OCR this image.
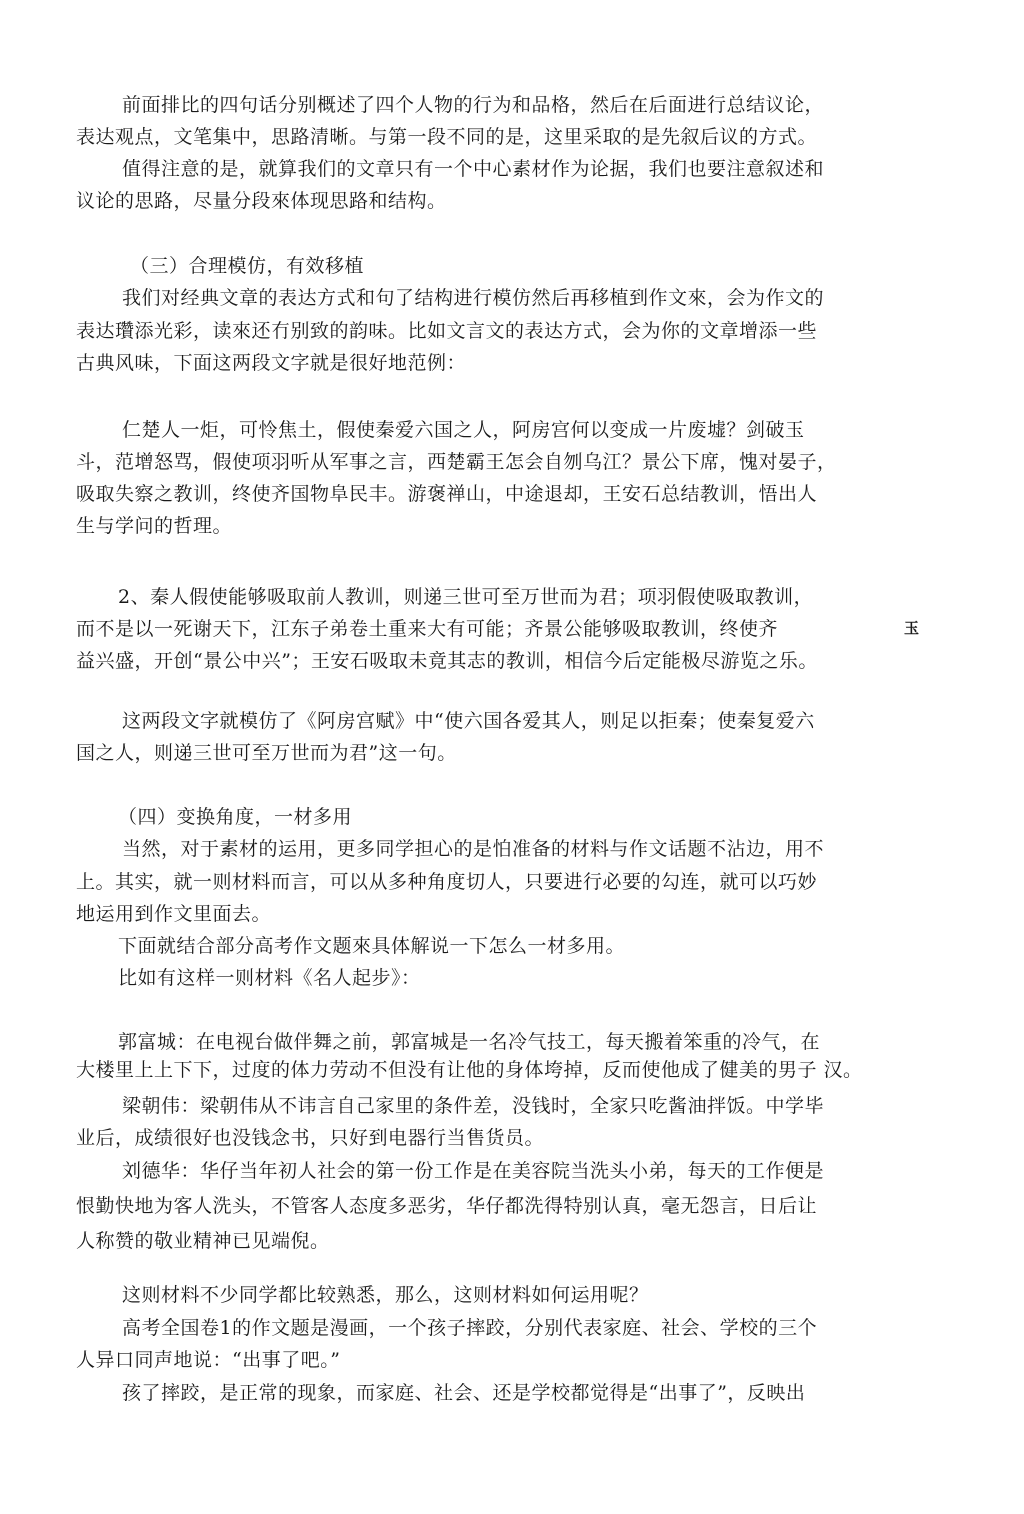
前面排比的四句话分别概述了四个人物的行为和品格，然后在后面进行总结议论，
表达观点，文笔集中，思路清晰。与第一段不同的是，这里采取的是先叙后议的方式。
值得注意的是，就算我们的文章只有一个中心素材作为论据，我们也要注意叙述和
议论的思路，尽量分段來体现思路和结构。
（三）合理模仿，有效移植
我们对经典文章的表达方式和句了结构进行模仿然后再移植到作文來，会为作文的
表达瓚添光彩，读來还冇别致的韵味。比如文言文的表达方式，会为你的文章增添一些
古典风味，下面这两段文字就是很好地范例：
仁楚人一炬，可怜焦土，假使秦爱六国之人，阿房宫何以变成一片废墟？剑破玉
斗，范增怒骂，假使项羽听从军事之言，西楚霸王怎会自刎乌江？景公下席，愧对晏子，
吸取失察之教训，终使齐国物阜民丰。游褒禅山，中途退却，王安石总结教训，悟出人
生与学问的哲理。
2、秦人假使能够吸取前人教训，则递三世可至万世而为君；项羽假使吸取教训，
而不是以一死谢天下，江东子弟卷土重来大有可能；齐景公能够吸取教训，终使齐	玉
益兴盛，开创“景公中兴”；王安石吸取未竟其志的教训，相信今后定能极尽游览之乐。
这两段文字就模仿了《阿房宫赋》中“使六国各爱其人，则足以拒秦；使秦复爱六
国之人，则递三世可至万世而为君”这一句。
（四）变换角度，一材多用
当然，对于素材的运用，更多同学担心的是怕准备的材料与作文话题不沾边，用不
上。其实，就一则材料而言，可以从多种角度切人，只要进行必要的勾连，就可以巧妙
地运用到作文里面去。
下面就结合部分高考作文题來具体解说一下怎么一材多用。
比如有这样一则材料《名人起步》：
郭富城：在电视台做伴舞之前，郭富城是一名冷气技工，每天搬着笨重的冷气，在
大楼里上上下下，过度的体力劳动不但没有让他的身体垮掉，反而使他成了健美的男子 汉。
梁朝伟：梁朝伟从不讳言自己家里的条件差，没钱时，全家只吃酱油拌饭。中学毕
业后，成绩很好也没钱念书，只好到电器行当售货员。
刘德华：华仔当年初人社会的第一份工作是在美容院当洗头小弟，每天的工作便是
恨勤快地为客人洗头，不管客人态度多恶劣，华仔都洗得特别认真，毫无怨言，日后让
人称赞的敬业精神已见端倪。
这则材料不少同学都比较熟悉，那么，这则材料如何运用呢？
高考全国卷1的作文题是漫画，一个孩子摔跤，分别代表家庭、社会、学校的三个
人异口同声地说：“出事了吧。”
孩了摔跤，是正常的现象，而家庭、社会、还是学校都觉得是“出事了”，反映出
